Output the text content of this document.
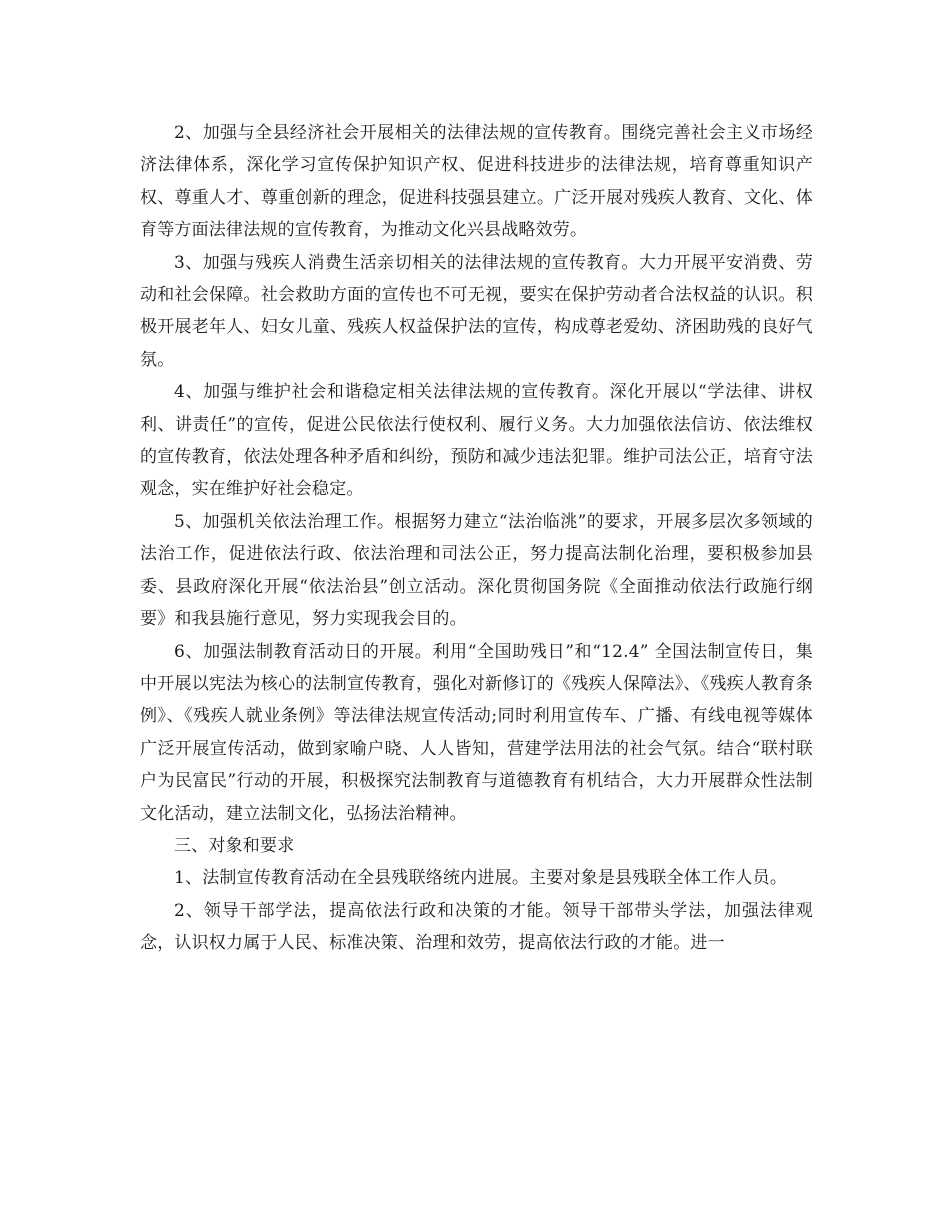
2、加强与全县经济社会开展相关的法律法规的宣传教育。围绕完善社会主义市场经济法律体系，深化学习宣传保护知识产权、促进科技进步的法律法规，培育尊重知识产权、尊重人才、尊重创新的理念，促进科技强县建立。广泛开展对残疾人教育、文化、体育等方面法律法规的宣传教育，为推动文化兴县战略效劳。

3、加强与残疾人消费生活亲切相关的法律法规的宣传教育。大力开展平安消费、劳动和社会保障。社会救助方面的宣传也不可无视，要实在保护劳动者合法权益的认识。积极开展老年人、妇女儿童、残疾人权益保护法的宣传，构成尊老爱幼、济困助残的良好气氛。

4、加强与维护社会和谐稳定相关法律法规的宣传教育。深化开展以“学法律、讲权利、讲责任”的宣传，促进公民依法行使权利、履行义务。大力加强依法信访、依法维权的宣传教育，依法处理各种矛盾和纠纷，预防和减少违法犯罪。维护司法公正，培育守法观念，实在维护好社会稳定。

5、加强机关依法治理工作。根据努力建立“法治临洮”的要求，开展多层次多领域的法治工作，促进依法行政、依法治理和司法公正，努力提高法制化治理，要积极参加县委、县政府深化开展“依法治县”创立活动。深化贯彻国务院《全面推动依法行政施行纲要》和我县施行意见，努力实现我会目的。

6、加强法制教育活动日的开展。利用“全国助残日”和“12.4” 全国法制宣传日，集中开展以宪法为核心的法制宣传教育，强化对新修订的《残疾人保障法》、《残疾人教育条例》、《残疾人就业条例》等法律法规宣传活动;同时利用宣传车、广播、有线电视等媒体广泛开展宣传活动，做到家喻户晓、人人皆知，营建学法用法的社会气氛。结合“联村联户为民富民”行动的开展，积极探究法制教育与道德教育有机结合，大力开展群众性法制文化活动，建立法制文化，弘扬法治精神。

三、对象和要求

1、法制宣传教育活动在全县残联络统内进展。主要对象是县残联全体工作人员。

2、领导干部学法，提高依法行政和决策的才能。领导干部带头学法，加强法律观念，认识权力属于人民、标准决策、治理和效劳，提高依法行政的才能。进一
